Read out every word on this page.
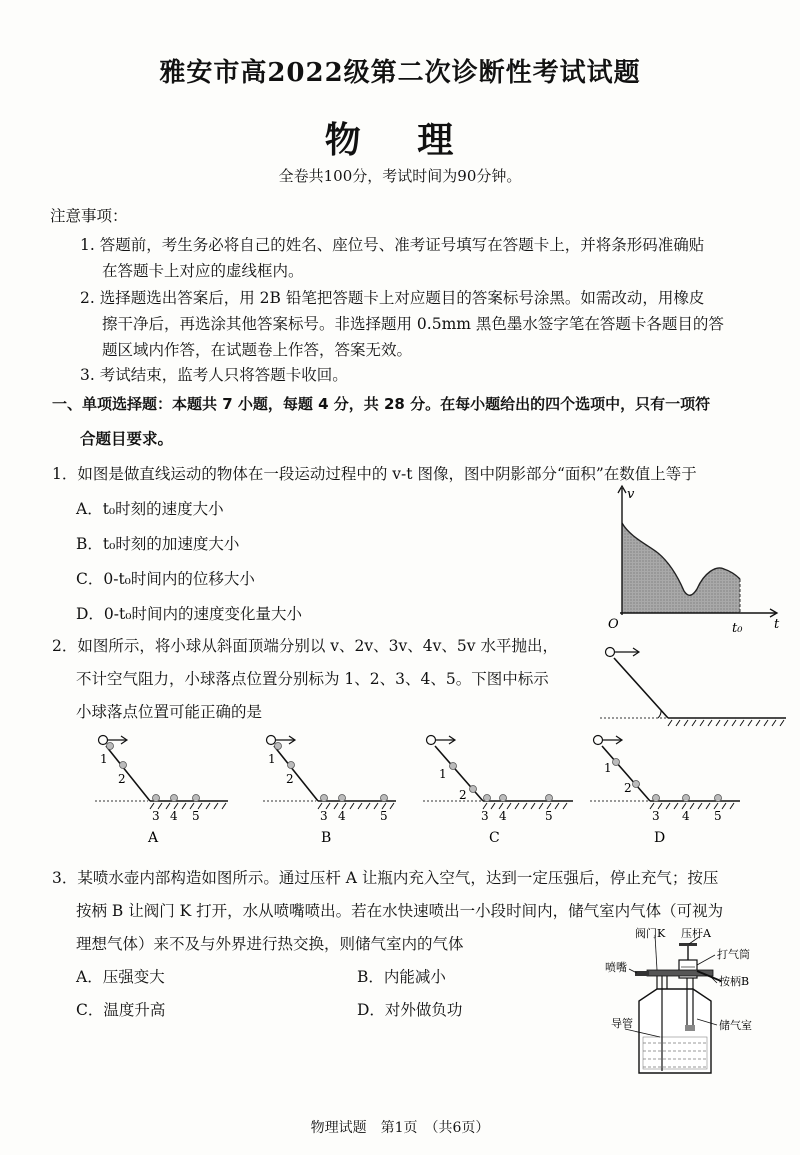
雅安市高2022级第二次诊断性考试试题
物 理
全卷共100分，考试时间为90分钟。
注意事项：
1. 答题前，考生务必将自己的姓名、座位号、准考证号填写在答题卡上，并将条形码准确贴
在答题卡上对应的虚线框内。
2. 选择题选出答案后，用 2B 铅笔把答题卡上对应题目的答案标号涂黑。如需改动，用橡皮
擦干净后，再选涂其他答案标号。非选择题用 0.5mm 黑色墨水签字笔在答题卡各题目的答
题区域内作答，在试题卷上作答，答案无效。
3. 考试结束，监考人只将答题卡收回。
一、单项选择题：本题共 7 小题，每题 4 分，共 28 分。在每小题给出的四个选项中，只有一项符
合题目要求。
1．如图是做直线运动的物体在一段运动过程中的 v-t 图像，图中阴影部分“面积”在数值上等于
A．t₀时刻的速度大小
B．t₀时刻的加速度大小
C．0-t₀时间内的位移大小
D．0-t₀时间内的速度变化量大小
v
t
O	t₀
2．如图所示，将小球从斜面顶端分别以 v、2v、3v、4v、5v 水平抛出，
不计空气阻力，小球落点位置分别标为 1、2、3、4、5。下图中标示
小球落点位置可能正确的是
1
2
3 4 5
A
1
2
3 4	5
B
1
2
3 4	5
C
1
2
3 4 5
D
3．某喷水壶内部构造如图所示。通过压杆 A 让瓶内充入空气，达到一定压强后，停止充气；按压
按柄 B 让阀门 K 打开，水从喷嘴喷出。若在水快速喷出一小段时间内，储气室内气体（可视为
理想气体）来不及与外界进行热交换，则储气室内的气体
A．压强变大	B．内能减小
C．温度升高	D．对外做负功
压杆A
阀门K
打气筒
喷嘴
按柄B
导管	储气室
物理试题　第1页　（共6页）
